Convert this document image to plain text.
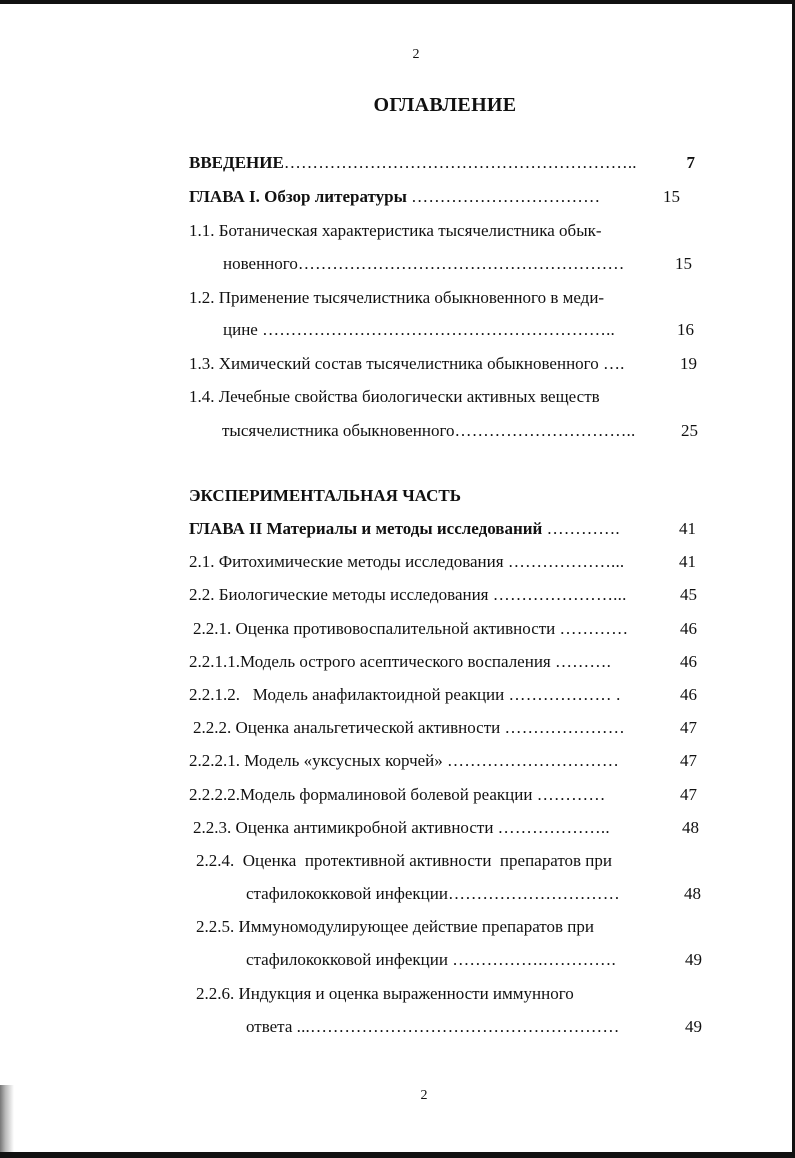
2
ОГЛАВЛЕНИЕ
ВВЕДЕНИЕ……………………………………………………..	7
ГЛАВА I. Обзор литературы ……………………………	15
1.1. Ботаническая характеристика тысячелистника обык-
новенного…………………………………………………	15
1.2. Применение тысячелистника обыкновенного в меди-
цине ……………………………………………………..	16
1.3. Химический состав тысячелистника обыкновенного ….	19
1.4. Лечебные свойства биологически активных веществ
тысячелистника обыкновенного…………………………..	25
ЭКСПЕРИМЕНТАЛЬНАЯ ЧАСТЬ
ГЛАВА II Материалы и методы исследований ………….	41
2.1. Фитохимические методы исследования ………………...	41
2.2. Биологические методы исследования …………………...	45
2.2.1. Оценка противовоспалительной активности …………	46
2.2.1.1.Модель острого асептического воспаления ……….	46
2.2.1.2.   Модель анафилактоидной реакции ……………… .	46
2.2.2. Оценка анальгетической активности …………………	47
2.2.2.1. Модель «уксусных корчей» …………………………	47
2.2.2.2.Модель формалиновой болевой реакции …………	47
2.2.3. Оценка антимикробной активности ………………..	48
2.2.4.  Оценка  протективной активности  препаратов при
стафилококковой инфекции…………………………	48
2.2.5. Иммуномодулирующее действие препаратов при
стафилококковой инфекции …………….………….	49
2.2.6. Индукция и оценка выраженности иммунного
ответа ...………………………………………………	49
2
